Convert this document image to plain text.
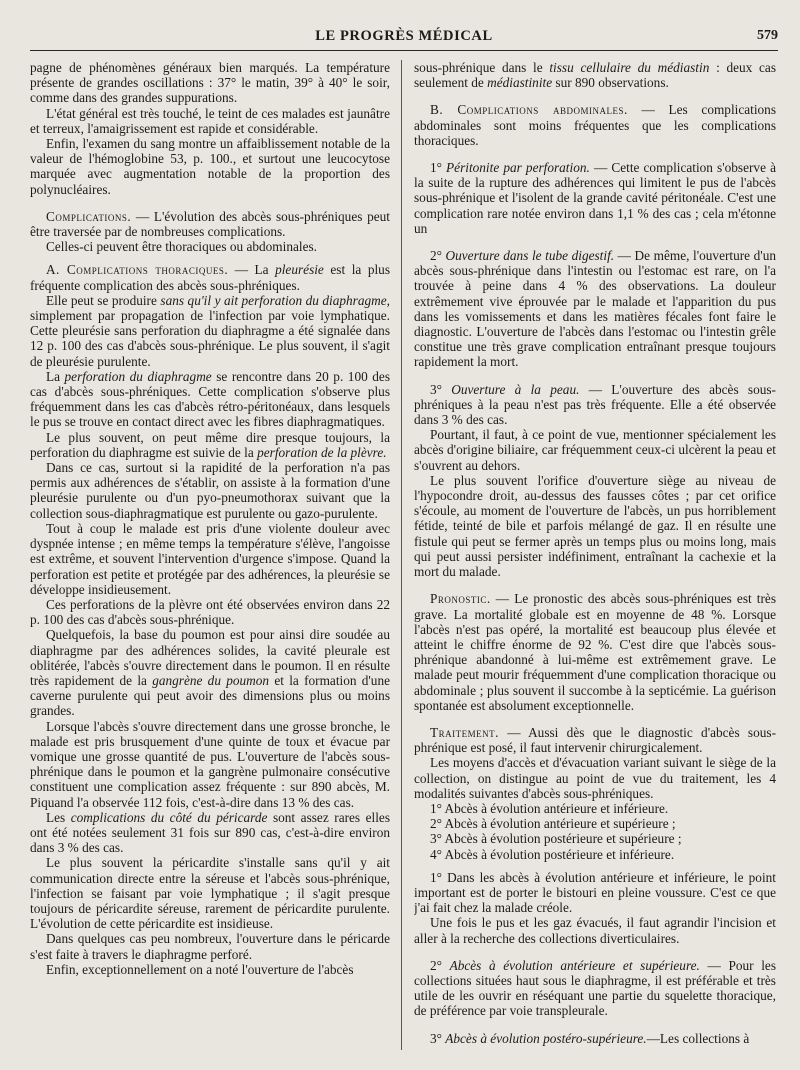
LE PROGRÈS MÉDICAL	579

pagne de phénomènes généraux bien marqués. La température présente de grandes oscillations : 37° le matin, 39° à 40° le soir, comme dans des grandes suppurations.

L'état général est très touché, le teint de ces malades est jaunâtre et terreux, l'amaigrissement est rapide et considérable.

Enfin, l'examen du sang montre un affaiblissement notable de la valeur de l'hémoglobine 53, p. 100., et surtout une leucocytose marquée avec augmentation notable de la proportion des polynucléaires.

Complications. — L'évolution des abcès sous-phréniques peut être traversée par de nombreuses complications.

Celles-ci peuvent être thoraciques ou abdominales.

A. Complications thoraciques. — La pleurésie est la plus fréquente complication des abcès sous-phréniques.

Elle peut se produire sans qu'il y ait perforation du diaphragme, simplement par propagation de l'infection par voie lymphatique. Cette pleurésie sans perforation du diaphragme a été signalée dans 12 p. 100 des cas d'abcès sous-phrénique. Le plus souvent, il s'agit de pleurésie purulente.

La perforation du diaphragme se rencontre dans 20 p. 100 des cas d'abcès sous-phréniques. Cette complication s'observe plus fréquemment dans les cas d'abcès rétro-péritonéaux, dans lesquels le pus se trouve en contact direct avec les fibres diaphragmatiques.

Le plus souvent, on peut même dire presque toujours, la perforation du diaphragme est suivie de la perforation de la plèvre.

Dans ce cas, surtout si la rapidité de la perforation n'a pas permis aux adhérences de s'établir, on assiste à la formation d'une pleurésie purulente ou d'un pyo-pneumothorax suivant que la collection sous-diaphragmatique est purulente ou gazo-purulente.

Tout à coup le malade est pris d'une violente douleur avec dyspnée intense ; en même temps la température s'élève, l'angoisse est extrême, et souvent l'intervention d'urgence s'impose. Quand la perforation est petite et protégée par des adhérences, la pleurésie se développe insidieusement.

Ces perforations de la plèvre ont été observées environ dans 22 p. 100 des cas d'abcès sous-phrénique.

Quelquefois, la base du poumon est pour ainsi dire soudée au diaphragme par des adhérences solides, la cavité pleurale est oblitérée, l'abcès s'ouvre directement dans le poumon. Il en résulte très rapidement de la gangrène du poumon et la formation d'une caverne purulente qui peut avoir des dimensions plus ou moins grandes.

Lorsque l'abcès s'ouvre directement dans une grosse bronche, le malade est pris brusquement d'une quinte de toux et évacue par vomique une grosse quantité de pus. L'ouverture de l'abcès sous-phrénique dans le poumon et la gangrène pulmonaire consécutive constituent une complication assez fréquente : sur 890 abcès, M. Piquand l'a observée 112 fois, c'est-à-dire dans 13 % des cas.

Les complications du côté du péricarde sont assez rares elles ont été notées seulement 31 fois sur 890 cas, c'est-à-dire environ dans 3 % des cas.

Le plus souvent la péricardite s'installe sans qu'il y ait communication directe entre la séreuse et l'abcès sous-phrénique, l'infection se faisant par voie lymphatique ; il s'agit presque toujours de péricardite séreuse, rarement de péricardite purulente. L'évolution de cette péricardite est insidieuse.

Dans quelques cas peu nombreux, l'ouverture dans le péricarde s'est faite à travers le diaphragme perforé.

Enfin, exceptionnellement on a noté l'ouverture de l'abcès

sous-phrénique dans le tissu cellulaire du médiastin : deux cas seulement de médiastinite sur 890 observations.

B. Complications abdominales. — Les complications abdominales sont moins fréquentes que les complications thoraciques.

1° Péritonite par perforation. — Cette complication s'observe à la suite de la rupture des adhérences qui limitent le pus de l'abcès sous-phrénique et l'isolent de la grande cavité péritonéale. C'est une complication rare notée environ dans 1,1 % des cas ; cela m'étonne un

2° Ouverture dans le tube digestif. — De même, l'ouverture d'un abcès sous-phrénique dans l'intestin ou l'estomac est rare, on l'a trouvée à peine dans 4 % des observations. La douleur extrêmement vive éprouvée par le malade et l'apparition du pus dans les vomissements et dans les matières fécales font faire le diagnostic. L'ouverture de l'abcès dans l'estomac ou l'intestin grêle constitue une très grave complication entraînant presque toujours rapidement la mort.

3° Ouverture à la peau. — L'ouverture des abcès sous-phréniques à la peau n'est pas très fréquente. Elle a été observée dans 3 % des cas.

Pourtant, il faut, à ce point de vue, mentionner spécialement les abcès d'origine biliaire, car fréquemment ceux-ci ulcèrent la peau et s'ouvrent au dehors.

Le plus souvent l'orifice d'ouverture siège au niveau de l'hypocondre droit, au-dessus des fausses côtes ; par cet orifice s'écoule, au moment de l'ouverture de l'abcès, un pus horriblement fétide, teinté de bile et parfois mélangé de gaz. Il en résulte une fistule qui peut se fermer après un temps plus ou moins long, mais qui peut aussi persister indéfiniment, entraînant la cachexie et la mort du malade.

Pronostic. — Le pronostic des abcès sous-phréniques est très grave. La mortalité globale est en moyenne de 48 %. Lorsque l'abcès n'est pas opéré, la mortalité est beaucoup plus élevée et atteint le chiffre énorme de 92 %. C'est dire que l'abcès sous-phrénique abandonné à lui-même est extrêmement grave. Le malade peut mourir fréquemment d'une complication thoracique ou abdominale ; plus souvent il succombe à la septicémie. La guérison spontanée est absolument exceptionnelle.

Traitement. — Aussi dès que le diagnostic d'abcès sous-phrénique est posé, il faut intervenir chirurgicalement.

Les moyens d'accès et d'évacuation variant suivant le siège de la collection, on distingue au point de vue du traitement, les 4 modalités suivantes d'abcès sous-phréniques.

1° Abcès à évolution antérieure et inférieure.
2° Abcès à évolution antérieure et supérieure ;
3° Abcès à évolution postérieure et supérieure ;
4° Abcès à évolution postérieure et inférieure.

1° Dans les abcès à évolution antérieure et inférieure, le point important est de porter le bistouri en pleine voussure. C'est ce que j'ai fait chez la malade créole.

Une fois le pus et les gaz évacués, il faut agrandir l'incision et aller à la recherche des collections diverticulaires.

2° Abcès à évolution antérieure et supérieure. — Pour les collections situées haut sous le diaphragme, il est préférable et très utile de les ouvrir en réséquant une partie du squelette thoracique, de préférence par voie transpleurale.

3° Abcès à évolution postéro-supérieure.—Les collections à
